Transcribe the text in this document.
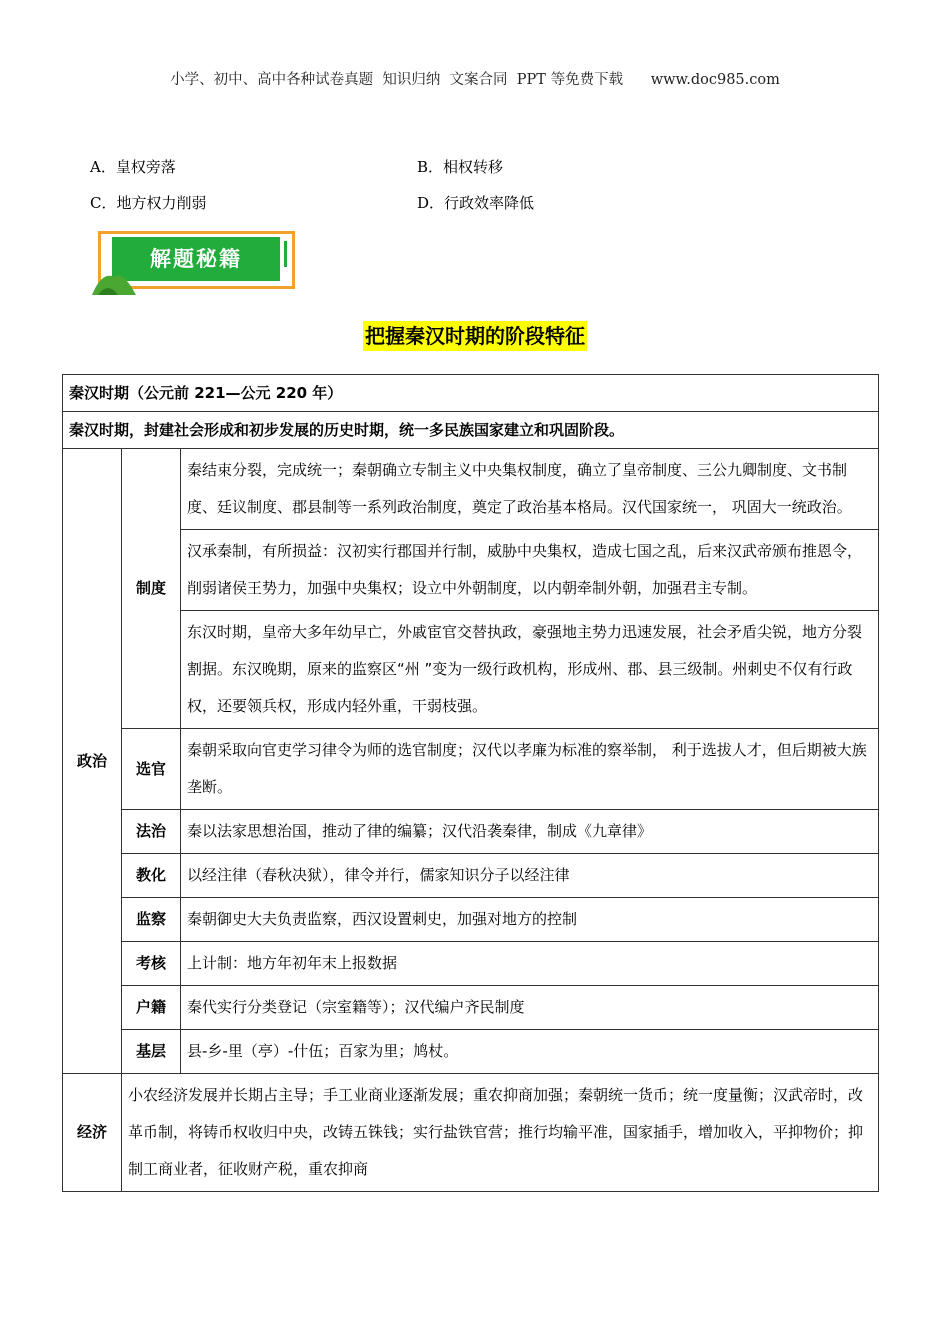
小学、初中、高中各种试卷真题  知识归纳  文案合同  PPT 等免费下载      www.doc985.com
A．皇权旁落	B．相权转移
C．地方权力削弱	D．行政效率降低
解题秘籍
把握秦汉时期的阶段特征
秦汉时期（公元前 221—公元 220 年）		
秦汉时期，封建社会形成和初步发展的历史时期，统一多民族国家建立和巩固阶段。		
政治	制度	秦结束分裂，完成统一；秦朝确立专制主义中央集权制度，确立了皇帝制度、三公九卿制度、文书制度、廷议制度、郡县制等一系列政治制度，奠定了政治基本格局。汉代国家统一， 巩固大一统政治。
		汉承秦制，有所损益：汉初实行郡国并行制，威胁中央集权，造成七国之乱，后来汉武帝颁布推恩令，削弱诸侯王势力，加强中央集权；设立中外朝制度，以内朝牵制外朝，加强君主专制。
		东汉时期，皇帝大多年幼早亡，外戚宦官交替执政，豪强地主势力迅速发展，社会矛盾尖锐，地方分裂割据。东汉晚期，原来的监察区“州 ”变为一级行政机构，形成州、郡、县三级制。州刺史不仅有行政权，还要领兵权，形成内轻外重，干弱枝强。
	选官	秦朝采取向官吏学习律令为师的选官制度；汉代以孝廉为标准的察举制， 利于选拔人才，但后期被大族垄断。
	法治	秦以法家思想治国，推动了律的编纂；汉代沿袭秦律，制成《九章律》
	教化	以经注律（春秋决狱），律令并行，儒家知识分子以经注律
	监察	秦朝御史大夫负责监察，西汉设置刺史，加强对地方的控制
	考核	上计制：地方年初年末上报数据
	户籍	秦代实行分类登记（宗室籍等）；汉代编户齐民制度
	基层	县-乡-里（亭）-什伍；百家为里；鸠杖。
经济	小农经济发展并长期占主导；手工业商业逐渐发展；重农抑商加强；秦朝统一货币；统一度量衡；汉武帝时，改革币制，将铸币权收归中央，改铸五铢钱；实行盐铁官营；推行均输平准，国家插手，增加收入，平抑物价；抑制工商业者，征收财产税，重农抑商	
